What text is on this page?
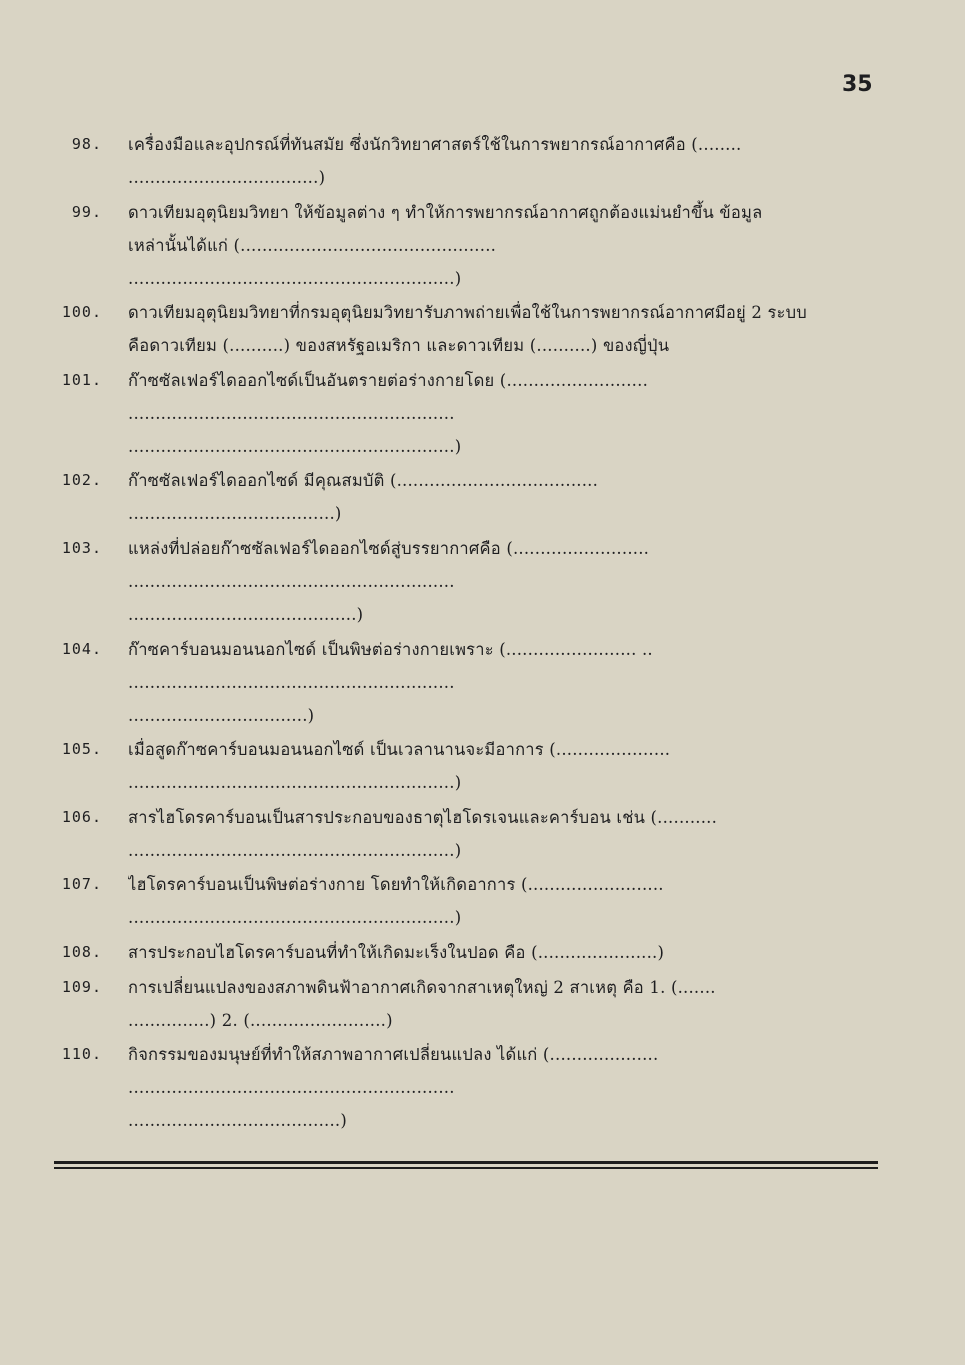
35
98. เครื่องมือและอุปกรณ์ที่ทันสมัย ซึ่งนักวิทยาศาสตร์ใช้ในการพยากรณ์อากาศคือ (........
...................................)
99. ดาวเทียมอุตุนิยมวิทยา ให้ข้อมูลต่าง ๆ ทำให้การพยากรณ์อากาศถูกต้องแม่นยำขึ้น ข้อมูล
เหล่านั้นได้แก่ (...............................................
............................................................)
100. ดาวเทียมอุตุนิยมวิทยาที่กรมอุตุนิยมวิทยารับภาพถ่ายเพื่อใช้ในการพยากรณ์อากาศมีอยู่ 2 ระบบ
คือดาวเทียม (..........) ของสหรัฐอเมริกา และดาวเทียม (..........) ของญี่ปุ่น
101. ก๊าซซัลเฟอร์ไดออกไซด์เป็นอันตรายต่อร่างกายโดย (..........................
............................................................
............................................................)
102. ก๊าซซัลเฟอร์ไดออกไซด์ มีคุณสมบัติ (.....................................
......................................)
103. แหล่งที่ปล่อยก๊าซซัลเฟอร์ไดออกไซด์สู่บรรยากาศคือ (.........................
............................................................
..........................................)
104. ก๊าซคาร์บอนมอนนอกไซด์ เป็นพิษต่อร่างกายเพราะ (........................ ..
............................................................
.................................)
105. เมื่อสูดก๊าซคาร์บอนมอนนอกไซด์ เป็นเวลานานจะมีอาการ (.....................
............................................................)
106. สารไฮโดรคาร์บอนเป็นสารประกอบของธาตุไฮโดรเจนและคาร์บอน เช่น (...........
............................................................)
107. ไฮโดรคาร์บอนเป็นพิษต่อร่างกาย โดยทำให้เกิดอาการ (.........................
............................................................)
108. สารประกอบไฮโดรคาร์บอนที่ทำให้เกิดมะเร็งในปอด คือ (......................)
109. การเปลี่ยนแปลงของสภาพดินฟ้าอากาศเกิดจากสาเหตุใหญ่ 2 สาเหตุ คือ 1. (.......
...............) 2. (.........................)
110. กิจกรรมของมนุษย์ที่ทำให้สภาพอากาศเปลี่ยนแปลง ได้แก่ (....................
............................................................
.......................................)
